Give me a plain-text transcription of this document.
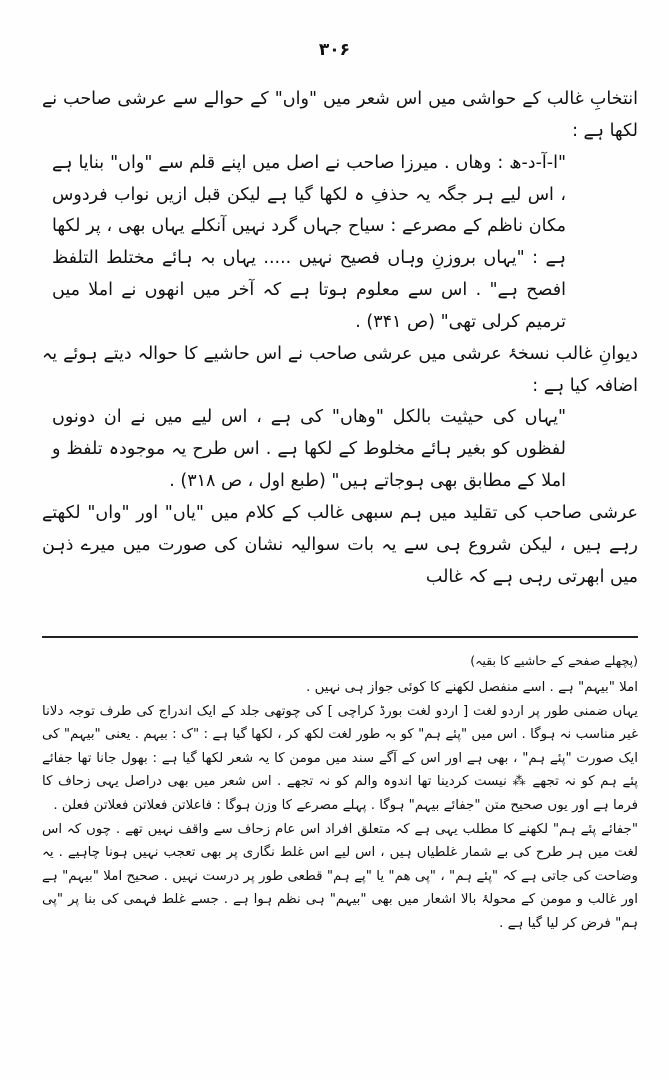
۳۰۶

انتخابِ غالب کے حواشی میں اس شعر میں "واں" کے حوالے سے عرشی صاحب نے لکھا ہے :

"ا-آ-د-ھ : وھاں . میرزا صاحب نے اصل میں اپنے قلم سے "واں" بنایا ہے ، اس لیے ہر جگہ یہ حذفِ ہ لکھا گیا ہے لیکن قبل ازیں نواب فردوس مکان ناظم کے مصرعے : سیاح جہاں گرد نہیں آنکلے یہاں بھی ، پر لکھا ہے : "یہاں بروزنِ وہاں فصیح نہیں ..... یہاں بہ ہائے مختلط التلفظ افصح ہے" . اس سے معلوم ہوتا ہے کہ آخر میں انھوں نے املا میں ترمیم کرلی تھی" (ص ۳۴۱) .

دیوانِ غالب نسخۂ عرشی میں عرشی صاحب نے اس حاشیے کا حوالہ دیتے ہوئے یہ اضافہ کیا ہے :

"یہاں کی حیثیت بالکل "وھاں" کی ہے ، اس لیے میں نے ان دونوں لفظوں کو بغیر ہائے مخلوط کے لکھا ہے . اس طرح یہ موجودہ تلفظ و املا کے مطابق بھی ہوجاتے ہیں" (طبع اول ، ص ۳۱۸) .

عرشی صاحب کی تقلید میں ہم سبھی غالب کے کلام میں "یاں" اور "واں" لکھتے رہے ہیں ، لیکن شروع ہی سے یہ بات سوالیہ نشان کی صورت میں میرے ذہن میں ابھرتی رہی ہے کہ غالب

(پچھلے صفحے کے حاشیے کا بقیہ)

املا "بیہم" ہے . اسے منفصل لکھنے کا کوئی جواز ہی نہیں .

یہاں ضمنی طور پر اردو لغت [ اردو لغت بورڈ کراچی ] کی چوتھی جلد کے ایک اندراج کی طرف توجہ دلانا غیر مناسب نہ ہوگا . اس میں "پئے ہم" کو بہ طور لغت لکھ کر ، لکھا گیا ہے : "ک : بیہم . یعنی "بیہم" کی ایک صورت "پئے ہم" ، بھی ہے اور اس کے آگے سند میں مومن کا یہ شعر لکھا گیا ہے : بھول جانا تھا جفائے پئے ہم کو نہ تجھے ⁂ نیست کردینا تھا اندوہ والم کو نہ تجھے . اس شعر میں بھی دراصل یہی زحاف کا فرما ہے اور یوں صحیح متن "جفائے بیہم" ہوگا . پہلے مصرعے کا وزن ہوگا : فاعلاتن فعلاتن فعلاتن فعلن .

"جفائے پئے ہم" لکھنے کا مطلب یہی ہے کہ متعلق افراد اس عام زحاف سے واقف نہیں تھے . چوں کہ اس لغت میں ہر طرح کی بے شمار غلطیاں ہیں ، اس لیے اس غلط نگاری پر بھی تعجب نہیں ہونا چاہیے . یہ وضاحت کی جاتی ہے کہ "پئے ہم" ، "پی ھم" یا "پے ہم" قطعی طور پر درست نہیں . صحیح املا "بیہم" ہے اور غالب و مومن کے محولۂ بالا اشعار میں بھی "بیہم" ہی نظم ہوا ہے . جسے غلط فہمی کی بنا پر "پی ہم" فرض کر لیا گیا ہے .
